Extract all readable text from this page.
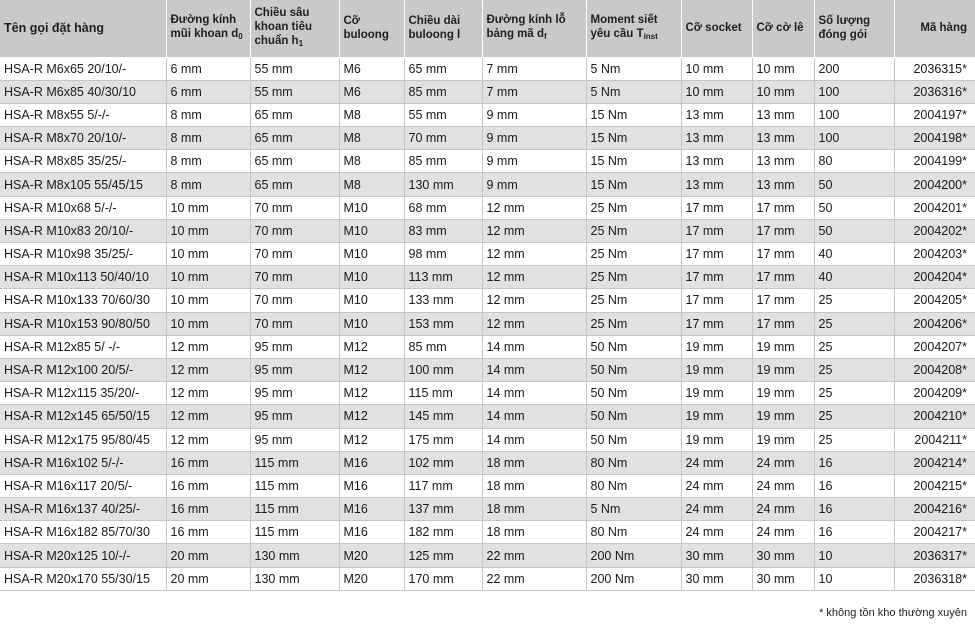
Tên gọi đặt hàng	Đường kính mũi khoan $d_0$	Chiều sâu khoan tiêu chuẩn $h_1$	Cỡ buloong	Chiều dài buloong l	Đường kính lỗ bảng mã $d_f$	Moment siết yêu cầu $T_{inst}$	Cỡ socket	Cỡ cờ lê	Số lượng đóng gói	Mã hàng
HSA-R M6x65 20/10/-	6 mm	55 mm	M6	65 mm	7 mm	5 Nm	10 mm	10 mm	200	2036315*
HSA-R M6x85 40/30/10	6 mm	55 mm	M6	85 mm	7 mm	5 Nm	10 mm	10 mm	100	2036316*
HSA-R M8x55 5/-/-	8 mm	65 mm	M8	55 mm	9 mm	15 Nm	13 mm	13 mm	100	2004197*
HSA-R M8x70 20/10/-	8 mm	65 mm	M8	70 mm	9 mm	15 Nm	13 mm	13 mm	100	2004198*
HSA-R M8x85 35/25/-	8 mm	65 mm	M8	85 mm	9 mm	15 Nm	13 mm	13 mm	80	2004199*
HSA-R M8x105 55/45/15	8 mm	65 mm	M8	130 mm	9 mm	15 Nm	13 mm	13 mm	50	2004200*
HSA-R M10x68 5/-/-	10 mm	70 mm	M10	68 mm	12 mm	25 Nm	17 mm	17 mm	50	2004201*
HSA-R M10x83 20/10/-	10 mm	70 mm	M10	83 mm	12 mm	25 Nm	17 mm	17 mm	50	2004202*
HSA-R M10x98 35/25/-	10 mm	70 mm	M10	98 mm	12 mm	25 Nm	17 mm	17 mm	40	2004203*
HSA-R M10x113 50/40/10	10 mm	70 mm	M10	113 mm	12 mm	25 Nm	17 mm	17 mm	40	2004204*
HSA-R M10x133 70/60/30	10 mm	70 mm	M10	133 mm	12 mm	25 Nm	17 mm	17 mm	25	2004205*
HSA-R M10x153 90/80/50	10 mm	70 mm	M10	153 mm	12 mm	25 Nm	17 mm	17 mm	25	2004206*
HSA-R M12x85 5/ -/-	12 mm	95 mm	M12	85 mm	14 mm	50 Nm	19 mm	19 mm	25	2004207*
HSA-R M12x100 20/5/-	12 mm	95 mm	M12	100 mm	14 mm	50 Nm	19 mm	19 mm	25	2004208*
HSA-R M12x115 35/20/-	12 mm	95 mm	M12	115 mm	14 mm	50 Nm	19 mm	19 mm	25	2004209*
HSA-R M12x145 65/50/15	12 mm	95 mm	M12	145 mm	14 mm	50 Nm	19 mm	19 mm	25	2004210*
HSA-R M12x175 95/80/45	12 mm	95 mm	M12	175 mm	14 mm	50 Nm	19 mm	19 mm	25	2004211*
HSA-R M16x102 5/-/-	16 mm	115 mm	M16	102 mm	18 mm	80 Nm	24 mm	24 mm	16	2004214*
HSA-R M16x117 20/5/-	16 mm	115 mm	M16	117 mm	18 mm	80 Nm	24 mm	24 mm	16	2004215*
HSA-R M16x137 40/25/-	16 mm	115 mm	M16	137 mm	18 mm	5 Nm	24 mm	24 mm	16	2004216*
HSA-R M16x182 85/70/30	16 mm	115 mm	M16	182 mm	18 mm	80 Nm	24 mm	24 mm	16	2004217*
HSA-R M20x125 10/-/-	20 mm	130 mm	M20	125 mm	22 mm	200 Nm	30 mm	30 mm	10	2036317*
HSA-R M20x170 55/30/15	20 mm	130 mm	M20	170 mm	22 mm	200 Nm	30 mm	30 mm	10	2036318*
* không tồn kho thường xuyên
